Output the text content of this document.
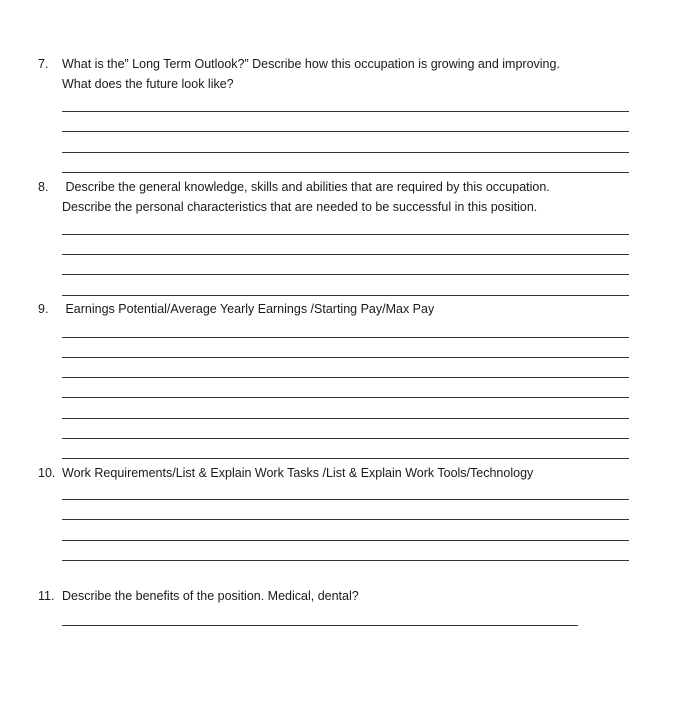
7. What is the” Long Term Outlook?” Describe how this occupation is growing and improving.
What does the future look like?
8. Describe the general knowledge, skills and abilities that are required by this occupation.
Describe the personal characteristics that are needed to be successful in this position.
9. Earnings Potential/Average Yearly Earnings /Starting Pay/Max Pay
10. Work Requirements/List & Explain Work Tasks /List & Explain Work Tools/Technology
11. Describe the benefits of the position. Medical, dental?
